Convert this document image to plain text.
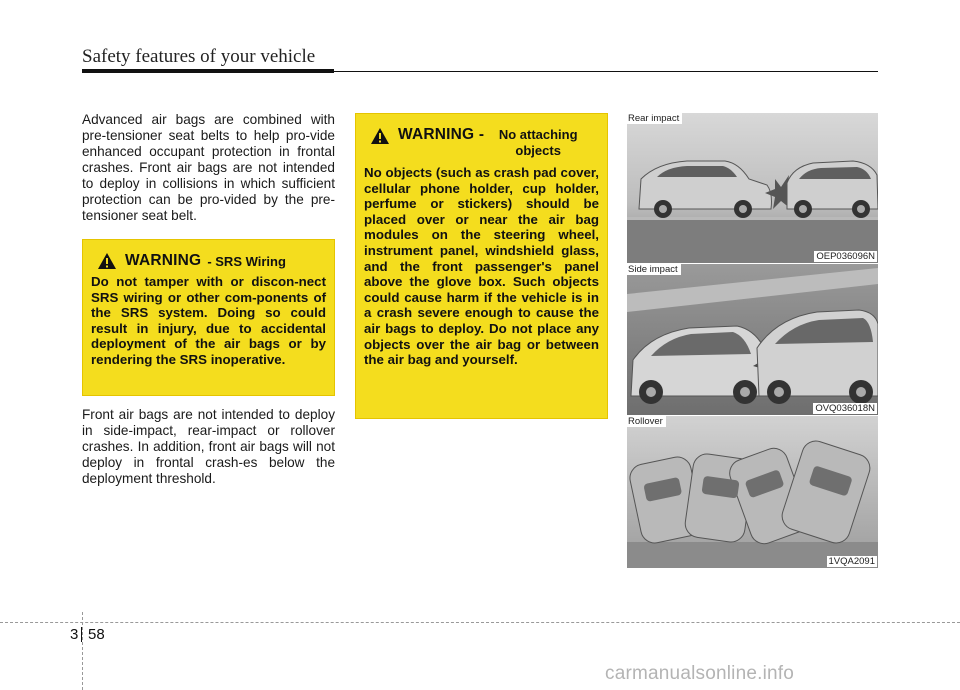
Safety features of your vehicle
Advanced air bags are combined with pre-tensioner seat belts to help pro-vide enhanced occupant protection in frontal crashes. Front air bags are not intended to deploy in collisions in which sufficient protection can be pro-vided by the pre-tensioner seat belt.
WARNING - SRS Wiring
Do not tamper with or discon-nect SRS wiring or other com-ponents of the SRS system. Doing so could result in injury, due to accidental deployment of the air bags or by rendering the SRS inoperative.
Front air bags are not intended to deploy in side-impact, rear-impact or rollover crashes. In addition, front air bags will not deploy in frontal crash-es below the deployment threshold.
WARNING -	No attaching objects
No objects (such as crash pad cover, cellular phone holder, cup holder, perfume or stickers) should be placed over or near the air bag modules on the steering wheel, instrument panel, windshield glass, and the front passenger's panel above the glove box. Such objects could cause harm if the vehicle is in a crash severe enough to cause the air bags to deploy. Do not place any objects over the air bag or between the air bag and yourself.
Rear impact
OEP036096N
Side impact
OVQ036018N
Rollover
1VQA2091
3 58
carmanualsonline.info
